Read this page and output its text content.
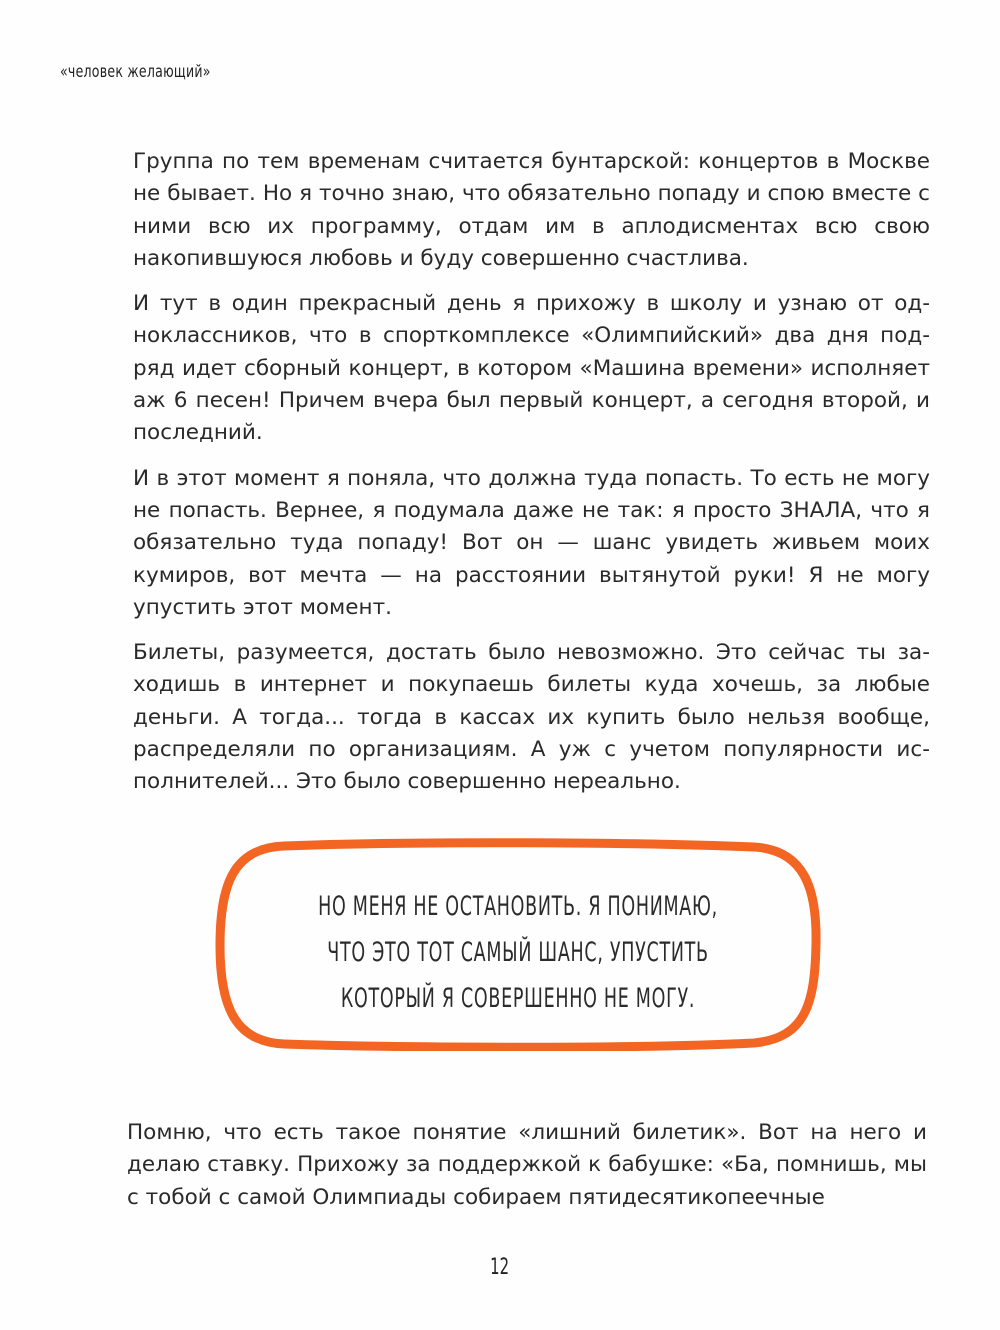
«человек желающий»

Группа по тем временам считается бунтарской: концертов в Москве не бывает. Но я точно знаю, что обязательно попаду и спою вместе с ними всю их программу, отдам им в аплодисментах всю свою накопившуюся любовь и буду совершенно счастлива.

И тут в один прекрасный день я прихожу в школу и узнаю от одноклассников, что в спорткомплексе «Олимпийский» два дня подряд идет сборный концерт, в котором «Машина времени» исполняет аж 6 песен! Причем вчера был первый концерт, а сегодня второй, и последний.

И в этот момент я поняла, что должна туда попасть. То есть не могу не попасть. Вернее, я подумала даже не так: я просто ЗНАЛА, что я обязательно туда попаду! Вот он — шанс увидеть живьем моих кумиров, вот мечта — на расстоянии вытянутой руки! Я не могу упустить этот момент.

Билеты, разумеется, достать было невозможно. Это сейчас ты заходишь в интернет и покупаешь билеты куда хочешь, за любые деньги. А тогда... тогда в кассах их купить было нельзя вообще, распределяли по организациям. А уж с учетом популярности исполнителей... Это было совершенно нереально.

НО МЕНЯ НЕ ОСТАНОВИТЬ. Я ПОНИМАЮ,
ЧТО ЭТО ТОТ САМЫЙ ШАНС, УПУСТИТЬ
КОТОРЫЙ Я СОВЕРШЕННО НЕ МОГУ.

Помню, что есть такое понятие «лишний билетик». Вот на него и делаю ставку. Прихожу за поддержкой к бабушке: «Ба, помнишь, мы с тобой с самой Олимпиады собираем пятидесятикопеечные

12
